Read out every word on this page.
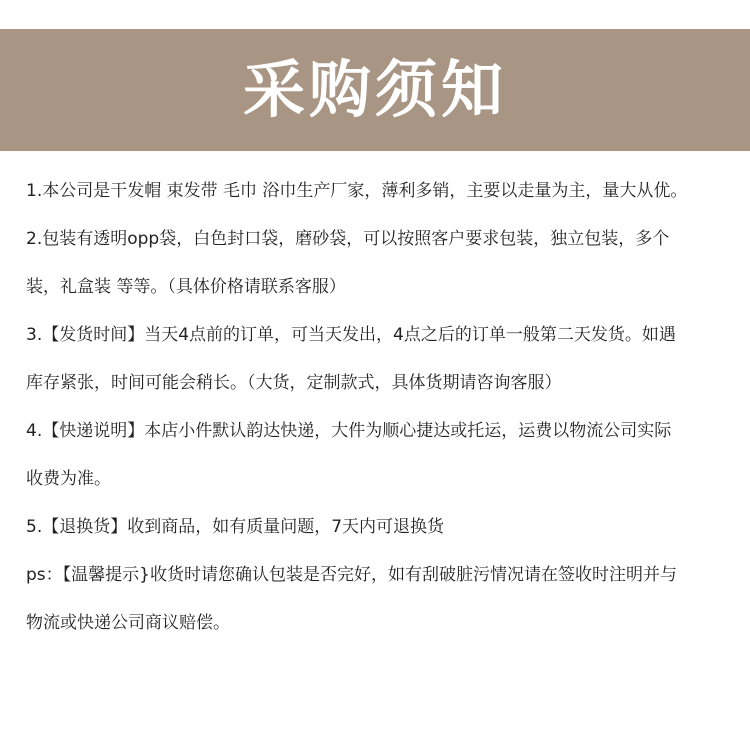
采购须知
1.本公司是干发帽 束发带 毛巾 浴巾生产厂家，薄利多销，主要以走量为主，量大从优。
2.包装有透明opp袋，白色封口袋，磨砂袋，可以按照客户要求包装，独立包装，多个
装，礼盒装 等等。（具体价格请联系客服）
3.【发货时间】当天4点前的订单，可当天发出，4点之后的订单一般第二天发货。如遇
库存紧张，时间可能会稍长。（大货，定制款式，具体货期请咨询客服）
4.【快递说明】本店小件默认韵达快递，大件为顺心捷达或托运，运费以物流公司实际
收费为准。
5.【退换货】收到商品，如有质量问题，7天内可退换货
ps：【温馨提示}收货时请您确认包装是否完好，如有刮破脏污情况请在签收时注明并与
物流或快递公司商议赔偿。
